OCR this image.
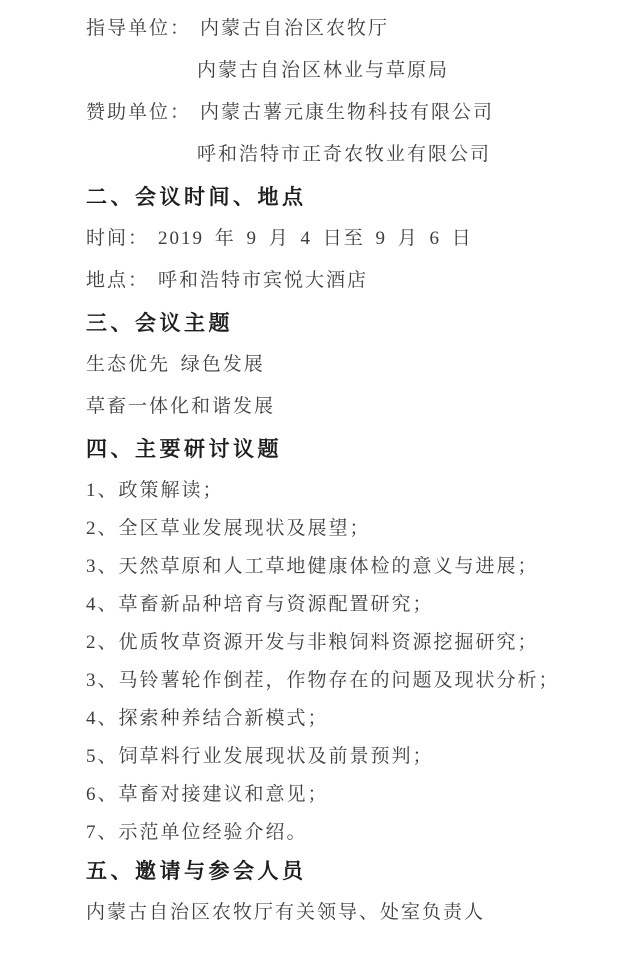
指导单位： 内蒙古自治区农牧厅

内蒙古自治区林业与草原局

赞助单位： 内蒙古薯元康生物科技有限公司

呼和浩特市正奇农牧业有限公司

二、会议时间、地点

时间： 2019 年 9 月 4 日至 9 月 6 日

地点： 呼和浩特市宾悦大酒店

三、会议主题

生态优先 绿色发展

草畜一体化和谐发展

四、主要研讨议题

1、政策解读；

2、全区草业发展现状及展望；

3、天然草原和人工草地健康体检的意义与进展；

4、草畜新品种培育与资源配置研究；

2、优质牧草资源开发与非粮饲料资源挖掘研究；

3、马铃薯轮作倒茬，作物存在的问题及现状分析；

4、探索种养结合新模式；

5、饲草料行业发展现状及前景预判；

6、草畜对接建议和意见；

7、示范单位经验介绍。

五、邀请与参会人员

内蒙古自治区农牧厅有关领导、处室负责人
